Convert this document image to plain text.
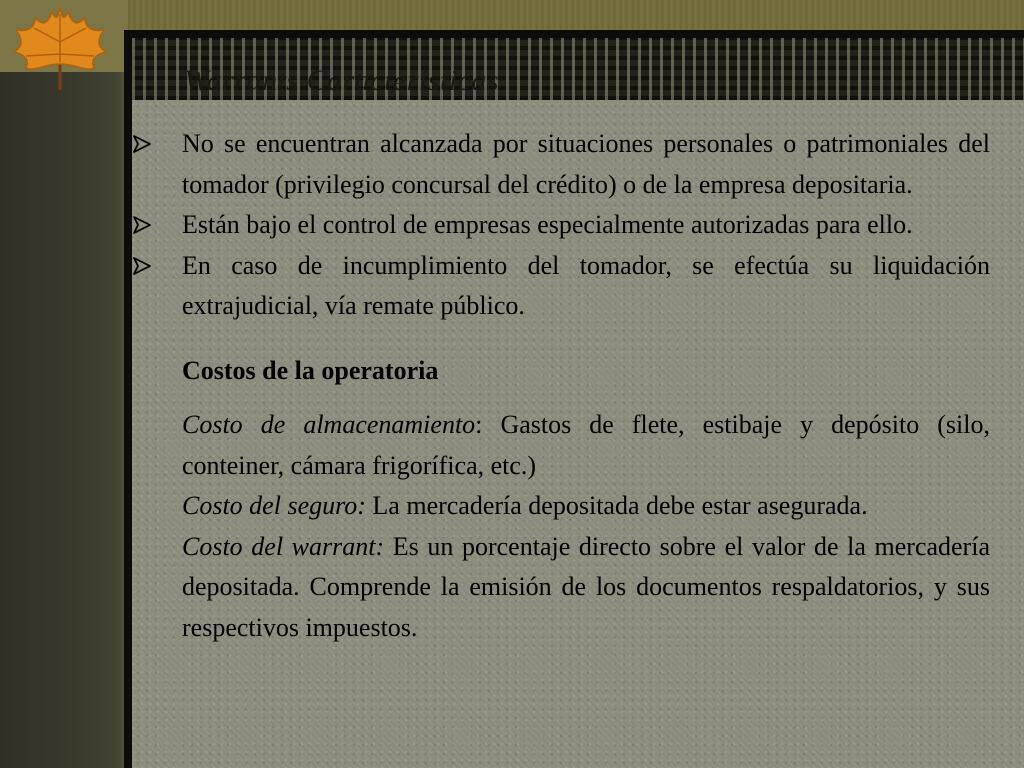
Warrants Características

No se encuentran alcanzada por situaciones personales o patrimoniales del tomador (privilegio concursal del crédito) o de la empresa depositaria.

Están bajo el control de empresas especialmente autorizadas para ello.

En caso de incumplimiento del tomador, se efectúa su liquidación extrajudicial, vía remate público.

Costos de la operatoria

Costo de almacenamiento: Gastos de flete, estibaje y depósito (silo, conteiner, cámara frigorífica, etc.)

Costo del seguro: La mercadería depositada debe estar asegurada.

Costo del warrant: Es un porcentaje directo sobre el valor de la mercadería depositada. Comprende la emisión de los documentos respaldatorios, y sus respectivos impuestos.
